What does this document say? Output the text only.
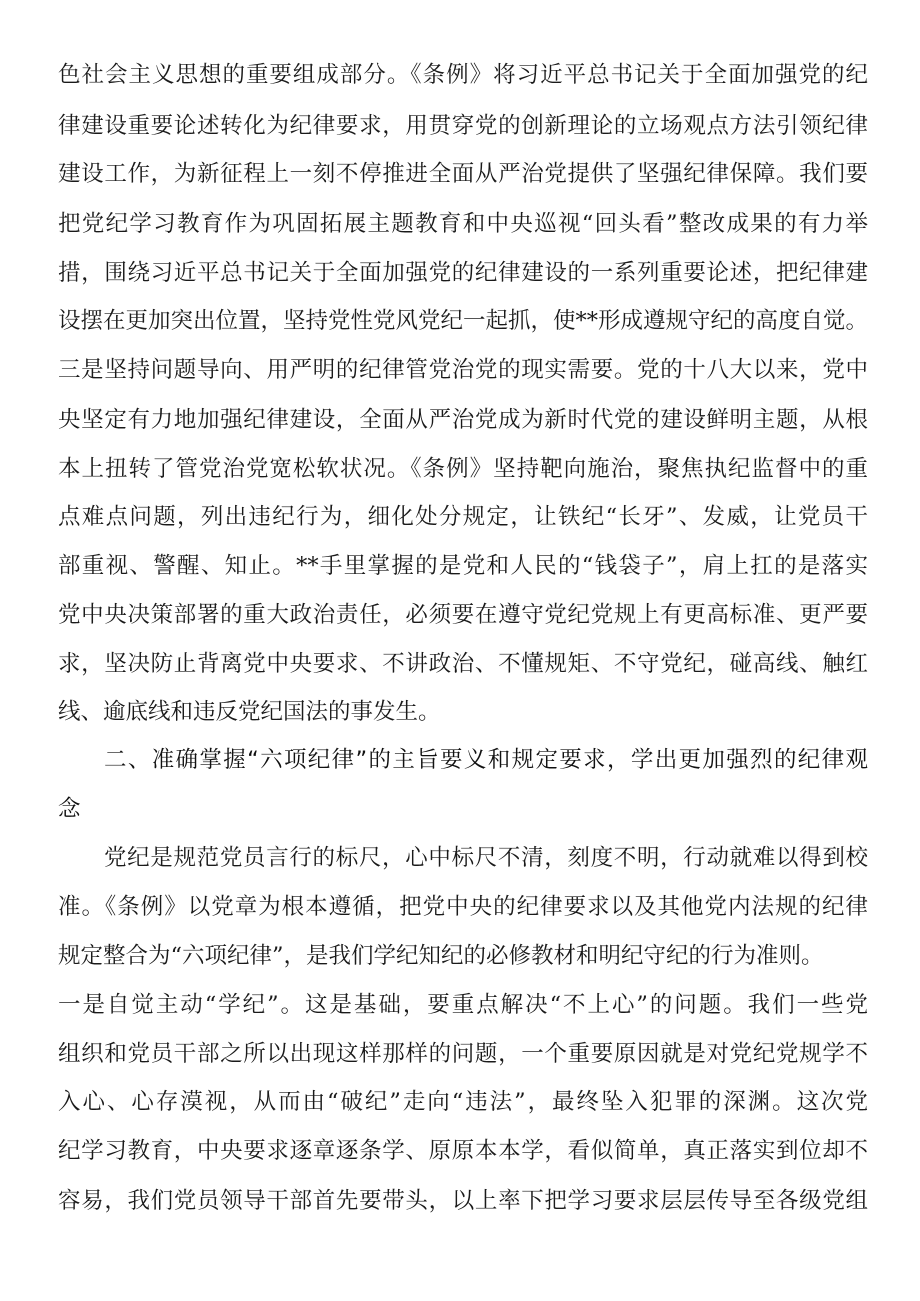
色社会主义思想的重要组成部分。《条例》将习近平总书记关于全面加强党的纪
律建设重要论述转化为纪律要求，用贯穿党的创新理论的立场观点方法引领纪律
建设工作，为新征程上一刻不停推进全面从严治党提供了坚强纪律保障。我们要
把党纪学习教育作为巩固拓展主题教育和中央巡视“回头看”整改成果的有力举
措，围绕习近平总书记关于全面加强党的纪律建设的一系列重要论述，把纪律建
设摆在更加突出位置，坚持党性党风党纪一起抓，使**形成遵规守纪的高度自觉。
三是坚持问题导向、用严明的纪律管党治党的现实需要。党的十八大以来，党中
央坚定有力地加强纪律建设，全面从严治党成为新时代党的建设鲜明主题，从根
本上扭转了管党治党宽松软状况。《条例》坚持靶向施治，聚焦执纪监督中的重
点难点问题，列出违纪行为，细化处分规定，让铁纪“长牙”、发威，让党员干
部重视、警醒、知止。**手里掌握的是党和人民的“钱袋子”，肩上扛的是落实
党中央决策部署的重大政治责任，必须要在遵守党纪党规上有更高标准、更严要
求，坚决防止背离党中央要求、不讲政治、不懂规矩、不守党纪，碰高线、触红
线、逾底线和违反党纪国法的事发生。
二、准确掌握“六项纪律”的主旨要义和规定要求，学出更加强烈的纪律观
念
党纪是规范党员言行的标尺，心中标尺不清，刻度不明，行动就难以得到校
准。《条例》以党章为根本遵循，把党中央的纪律要求以及其他党内法规的纪律
规定整合为“六项纪律”，是我们学纪知纪的必修教材和明纪守纪的行为准则。
一是自觉主动“学纪”。这是基础，要重点解决“不上心”的问题。我们一些党
组织和党员干部之所以出现这样那样的问题，一个重要原因就是对党纪党规学不
入心、心存漠视，从而由“破纪”走向“违法”，最终坠入犯罪的深渊。这次党
纪学习教育，中央要求逐章逐条学、原原本本学，看似简单，真正落实到位却不
容易，我们党员领导干部首先要带头，以上率下把学习要求层层传导至各级党组
